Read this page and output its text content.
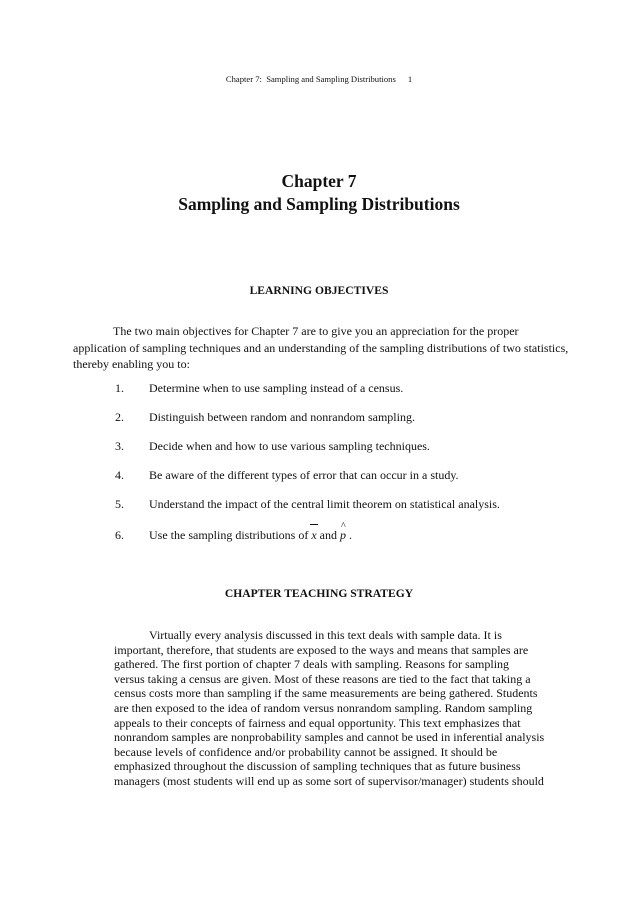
Chapter 7:  Sampling and Sampling Distributions 1
Chapter 7
Sampling and Sampling Distributions
LEARNING OBJECTIVES

The two main objectives for Chapter 7 are to give you an appreciation for the proper application of sampling techniques and an understanding of the sampling distributions of two statistics, thereby enabling you to:

1. Determine when to use sampling instead of a census.
2. Distinguish between random and nonrandom sampling.
3. Decide when and how to use various sampling techniques.
4. Be aware of the different types of error that can occur in a study.
5. Understand the impact of the central limit theorem on statistical analysis.
6. Use the sampling distributions of x and ^ p .
CHAPTER TEACHING STRATEGY

Virtually every analysis discussed in this text deals with sample data. It is
important, therefore, that students are exposed to the ways and means that samples are
gathered. The first portion of chapter 7 deals with sampling. Reasons for sampling
versus taking a census are given. Most of these reasons are tied to the fact that taking a
census costs more than sampling if the same measurements are being gathered. Students
are then exposed to the idea of random versus nonrandom sampling. Random sampling
appeals to their concepts of fairness and equal opportunity. This text emphasizes that
nonrandom samples are nonprobability samples and cannot be used in inferential analysis
because levels of confidence and/or probability cannot be assigned. It should be
emphasized throughout the discussion of sampling techniques that as future business
managers (most students will end up as some sort of supervisor/manager) students should
